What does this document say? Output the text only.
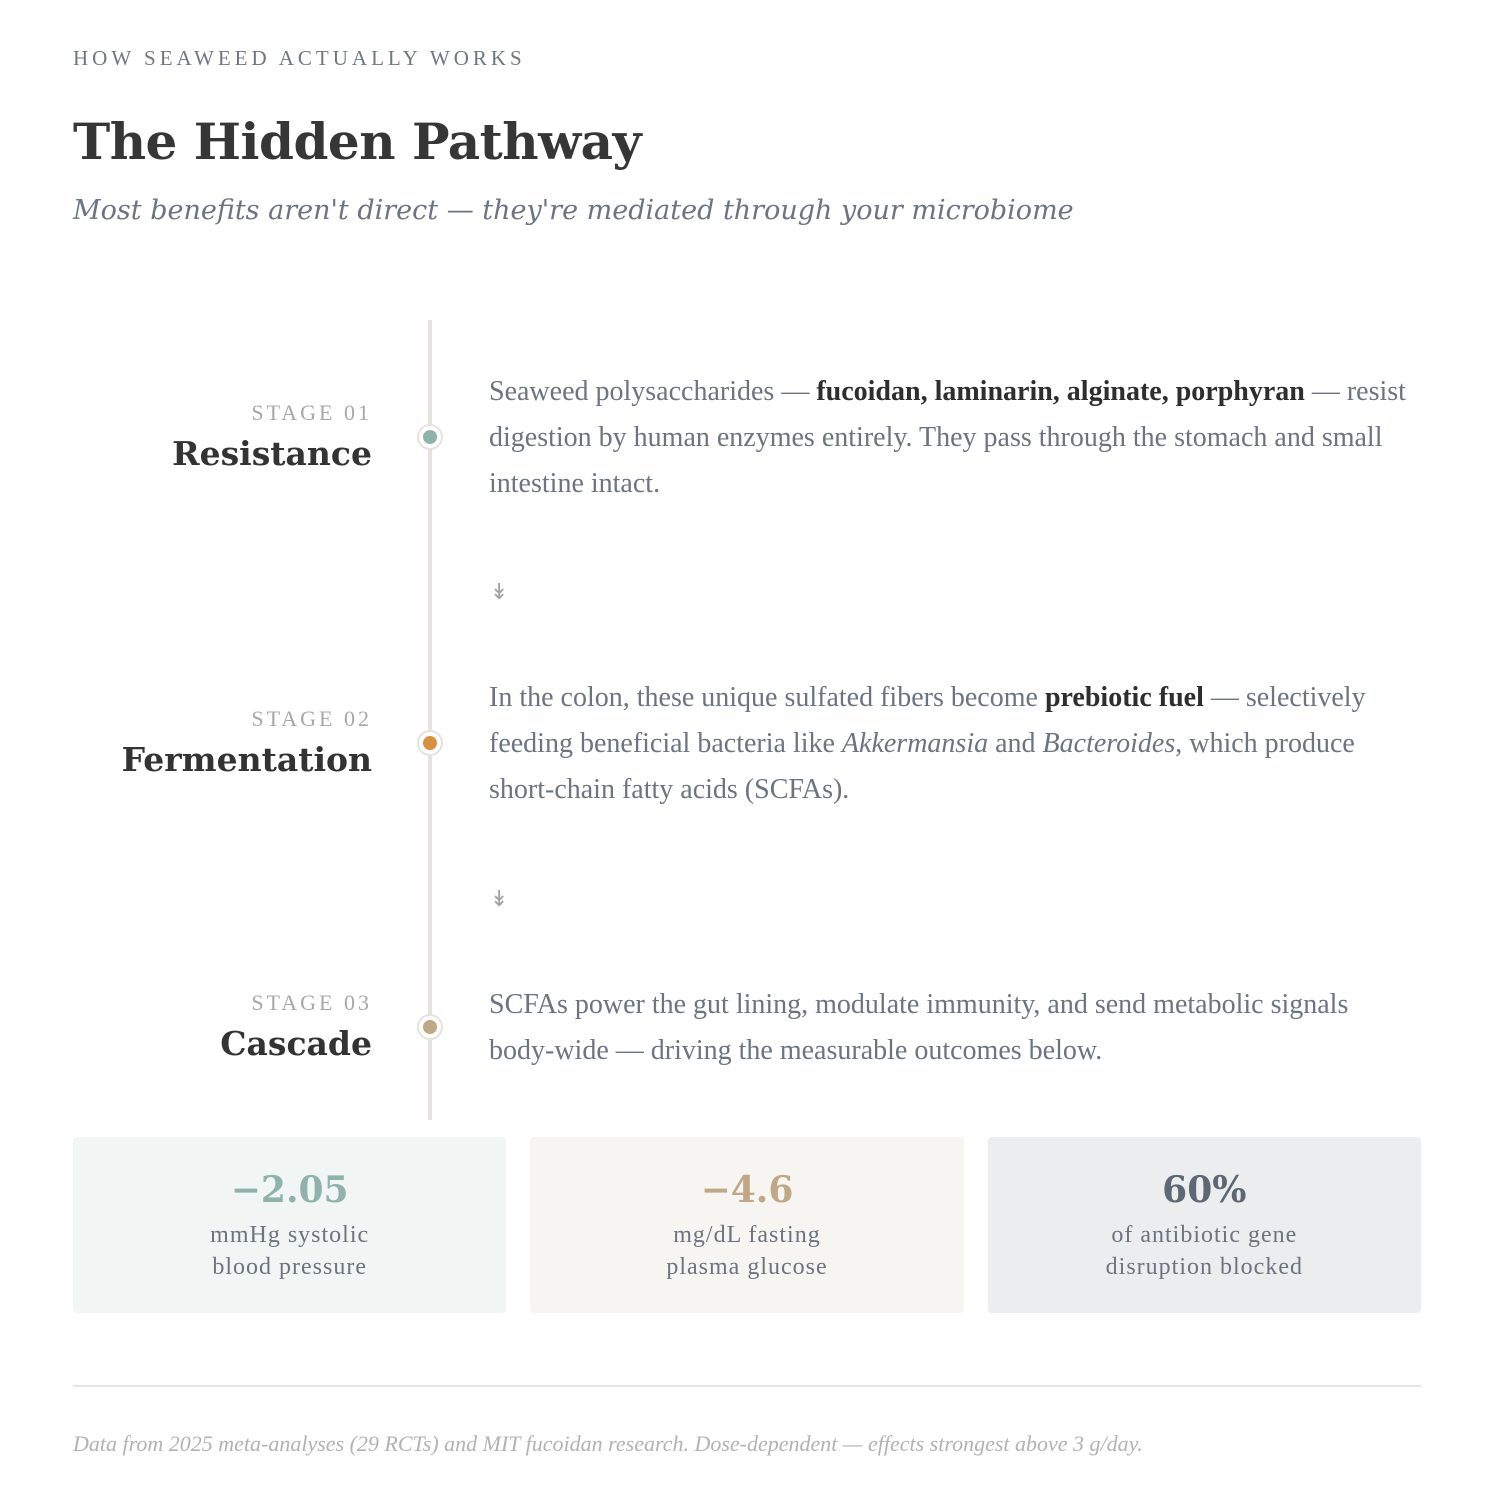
HOW SEAWEED ACTUALLY WORKS
The Hidden Pathway
Most benefits aren't direct — they're mediated through your microbiome
STAGE 01
Resistance
Seaweed polysaccharides — fucoidan, laminarin, alginate, porphyran — resist digestion by human enzymes entirely. They pass through the stomach and small intestine intact.
↡
STAGE 02
Fermentation
In the colon, these unique sulfated fibers become prebiotic fuel — selectively feeding beneficial bacteria like Akkermansia and Bacteroides, which produce short-chain fatty acids (SCFAs).
↡
STAGE 03
Cascade
SCFAs power the gut lining, modulate immunity, and send metabolic signals body-wide — driving the measurable outcomes below.
−2.05
mmHg systolic
blood pressure
−4.6
mg/dL fasting
plasma glucose
60%
of antibiotic gene
disruption blocked
Data from 2025 meta-analyses (29 RCTs) and MIT fucoidan research. Dose-dependent — effects strongest above 3 g/day.
